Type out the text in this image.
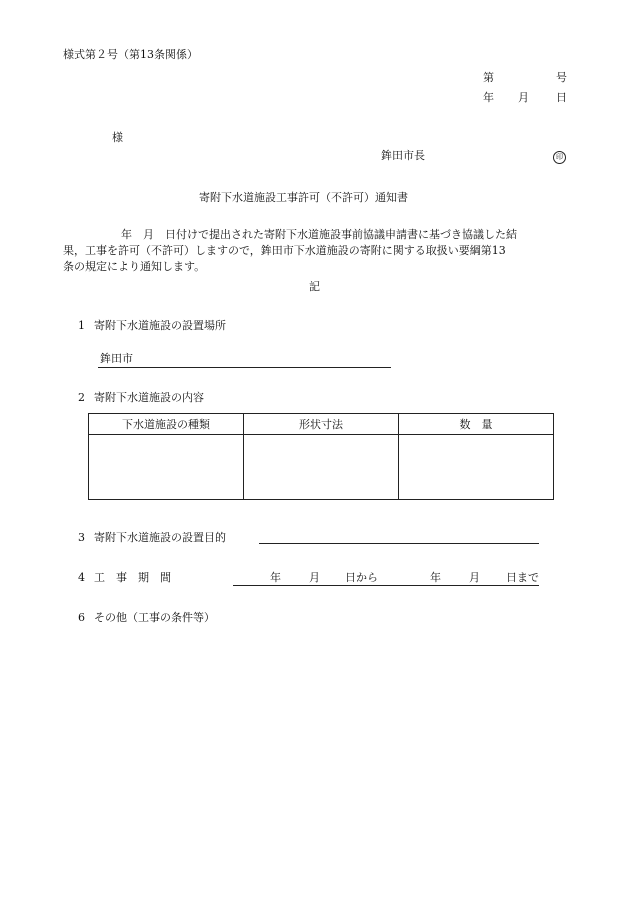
様式第２号（第13条関係）
第	号
年 月 日
様
鉾田市長	印
寄附下水道施設工事許可（不許可）通知書
年　月　日付けで提出された寄附下水道施設事前協議申請書に基づき協議した結
果，工事を許可（不許可）しますので，鉾田市下水道施設の寄附に関する取扱い要綱第13
条の規定により通知します。
記
1 寄附下水道施設の設置場所
鉾田市
2 寄附下水道施設の内容
下水道施設の種類	形状寸法	数　量

3 寄附下水道施設の設置目的
4 工　事　期　間	年	月 日から	年	月 日まで
6 その他（工事の条件等）
